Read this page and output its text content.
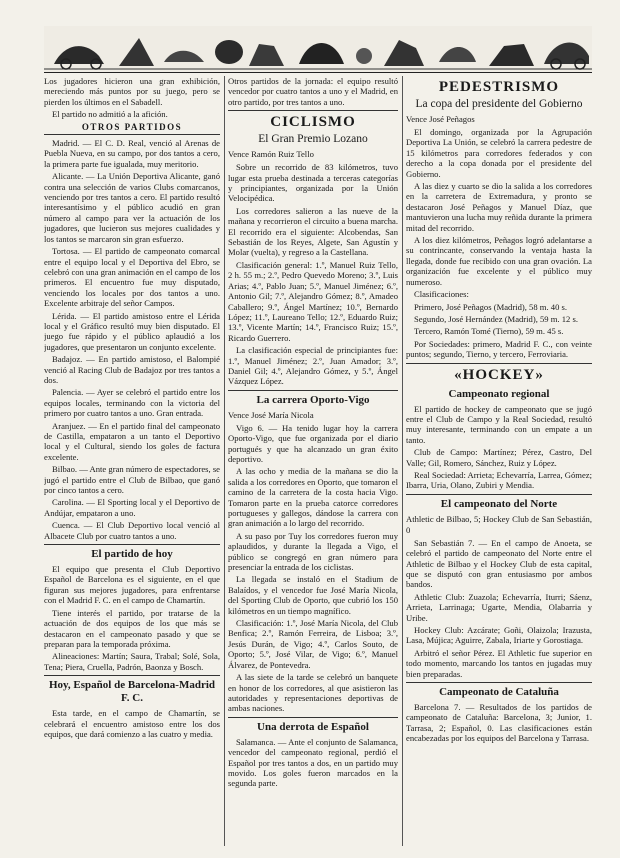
Los jugadores hicieron una gran exhibición, mereciendo más puntos por su juego, pero se pierden los últimos en el Sabadell.

El partido no admitió a la afición.

OTROS PARTIDOS

Madrid. — El C. D. Real, venció al Arenas de Puebla Nueva, en su campo, por dos tantos a cero, la primera parte fue igualada, muy meritorio.

Alicante. — La Unión Deportiva Alicante, ganó contra una selección de varios Clubs comarcanos, venciendo por tres tantos a cero. El partido resultó interesantísimo y el público acudió en gran número al campo para ver la actuación de los jugadores, que lucieron sus mejores cualidades y los tantos se marcaron sin gran esfuerzo.

Tortosa. — El partido de campeonato comarcal entre el equipo local y el Deportiva del Ebro, se celebró con una gran animación en el campo de los primeros. El encuentro fue muy disputado, venciendo los locales por dos tantos a uno. Excelente arbitraje del señor Campos.

Lérida. — El partido amistoso entre el Lérida local y el Gráfico resultó muy bien disputado. El juego fue rápido y el público aplaudió a los jugadores, que presentaron un conjunto excelente.

Badajoz. — En partido amistoso, el Balompié venció al Racing Club de Badajoz por tres tantos a dos.

Palencia. — Ayer se celebró el partido entre los equipos locales, terminando con la victoria del primero por cuatro tantos a uno. Gran entrada.

Aranjuez. — En el partido final del campeonato de Castilla, empataron a un tanto el Deportivo local y el Cultural, siendo los goles de factura excelente.

Bilbao. — Ante gran número de espectadores, se jugó el partido entre el Club de Bilbao, que ganó por cinco tantos a cero.

Carolina. — El Sporting local y el Deportivo de Andújar, empataron a uno.

Cuenca. — El Club Deportivo local venció al Albacete Club por cuatro tantos a uno.

El partido de hoy

El equipo que presenta el Club Deportivo Español de Barcelona es el siguiente, en el que figuran sus mejores jugadores, para enfrentarse con el Madrid F. C. en el campo de Chamartín.

Tiene interés el partido, por tratarse de la actuación de dos equipos de los que más se destacaron en el campeonato pasado y que se preparan para la temporada próxima.

Alineaciones: Martín; Saura, Trabal; Solé, Sola, Tena; Piera, Cruella, Padrón, Baonza y Bosch.

Hoy, Español de Barcelona-Madrid F. C.

Esta tarde, en el campo de Chamartín, se celebrará el encuentro amistoso entre los dos equipos, que dará comienzo a las cuatro y media.

Otros partidos de la jornada: el equipo resultó vencedor por cuatro tantos a uno y el Madrid, en otro partido, por tres tantos a uno.

CICLISMO
El Gran Premio Lozano
Vence Ramón Ruiz Tello

Sobre un recorrido de 83 kilómetros, tuvo lugar esta prueba destinada a terceras categorías y principiantes, organizada por la Unión Velocipédica.

Los corredores salieron a las nueve de la mañana y recorrieron el circuito a buena marcha. El recorrido era el siguiente: Alcobendas, San Sebastián de los Reyes, Algete, San Agustín y Molar (vuelta), y regreso a la Castellana.

Clasificación general: 1.º, Manuel Ruiz Tello, 2 h. 55 m.; 2.º, Pedro Quevedo Moreno; 3.º, Luis Arias; 4.º, Pablo Juan; 5.º, Manuel Jiménez; 6.º, Antonio Gil; 7.º, Alejandro Gómez; 8.º, Amadeo Caballero; 9.º, Ángel Martínez; 10.º, Bernardo López; 11.º, Laureano Tello; 12.º, Eduardo Ruiz; 13.º, Vicente Martín; 14.º, Francisco Ruiz; 15.º, Ricardo Guerrero.

La clasificación especial de principiantes fue: 1.º, Manuel Jiménez; 2.º, Juan Amador; 3.º, Daniel Gil; 4.º, Alejandro Gómez, y 5.º, Ángel Vázquez López.

La carrera Oporto-Vigo
Vence José María Nicola

Vigo 6. — Ha tenido lugar hoy la carrera Oporto-Vigo, que fue organizada por el diario portugués y que ha alcanzado un gran éxito deportivo.

A las ocho y media de la mañana se dio la salida a los corredores en Oporto, que tomaron el camino de la carretera de la costa hacia Vigo. Tomaron parte en la prueba catorce corredores portugueses y gallegos, dándose la carrera con gran animación a lo largo del recorrido.

A su paso por Tuy los corredores fueron muy aplaudidos, y durante la llegada a Vigo, el público se congregó en gran número para presenciar la entrada de los ciclistas.

La llegada se instaló en el Stadium de Balaídos, y el vencedor fue José María Nicola, del Sporting Club de Oporto, que cubrió los 150 kilómetros en un tiempo magnífico.

Clasificación: 1.º, José María Nicola, del Club Benfica; 2.º, Ramón Ferreira, de Lisboa; 3.º, Jesús Durán, de Vigo; 4.º, Carlos Souto, de Oporto; 5.º, José Vilar, de Vigo; 6.º, Manuel Álvarez, de Pontevedra.

A las siete de la tarde se celebró un banquete en honor de los corredores, al que asistieron las autoridades y representaciones deportivas de ambas naciones.

Una derrota de Español

Salamanca. — Ante el conjunto de Salamanca, vencedor del campeonato regional, perdió el Español por tres tantos a dos, en un partido muy movido. Los goles fueron marcados en la segunda parte.

PEDESTRISMO
La copa del presidente del Gobierno
Vence José Peñagos

El domingo, organizada por la Agrupación Deportiva La Unión, se celebró la carrera pedestre de 15 kilómetros para corredores federados y con derecho a la copa donada por el presidente del Gobierno.

A las diez y cuarto se dio la salida a los corredores en la carretera de Extremadura, y pronto se destacaron José Peñagos y Manuel Díaz, que mantuvieron una lucha muy reñida durante la primera mitad del recorrido.

A los diez kilómetros, Peñagos logró adelantarse a su contrincante, conservando la ventaja hasta la llegada, donde fue recibido con una gran ovación. La organización fue excelente y el público muy numeroso.

Clasificaciones:

Primero, José Peñagos (Madrid), 58 m. 40 s.

Segundo, José Hernández (Madrid), 59 m. 12 s.

Tercero, Ramón Tomé (Tierno), 59 m. 45 s.

Por Sociedades: primero, Madrid F. C., con veinte puntos; segundo, Tierno, y tercero, Ferroviaria.

«HOCKEY»
Campeonato regional

El partido de hockey de campeonato que se jugó entre el Club de Campo y la Real Sociedad, resultó muy interesante, terminando con un empate a un tanto.

Club de Campo: Martínez; Pérez, Castro, Del Valle; Gil, Romero, Sánchez, Ruiz y López.

Real Sociedad: Arrieta; Echevarría, Larrea, Gómez; Ibarra, Uria, Olano, Zubiri y Mendia.

El campeonato del Norte
Athletic de Bilbao, 5; Hockey Club de San Sebastián, 0

San Sebastián 7. — En el campo de Anoeta, se celebró el partido de campeonato del Norte entre el Athletic de Bilbao y el Hockey Club de esta capital, que se disputó con gran entusiasmo por ambos bandos.

Athletic Club: Zuazola; Echevarría, Iturri; Sáenz, Arrieta, Larrinaga; Ugarte, Mendia, Olabarria y Uribe.

Hockey Club: Azcárate; Goñi, Olaizola; Irazusta, Lasa, Mújica; Aguirre, Zabala, Iriarte y Gorostiaga.

Arbitró el señor Pérez. El Athletic fue superior en todo momento, marcando los tantos en jugadas muy bien preparadas.

Campeonato de Cataluña

Barcelona 7. — Resultados de los partidos de campeonato de Cataluña: Barcelona, 3; Junior, 1. Tarrasa, 2; Español, 0. Las clasificaciones están encabezadas por los equipos del Barcelona y Tarrasa.
